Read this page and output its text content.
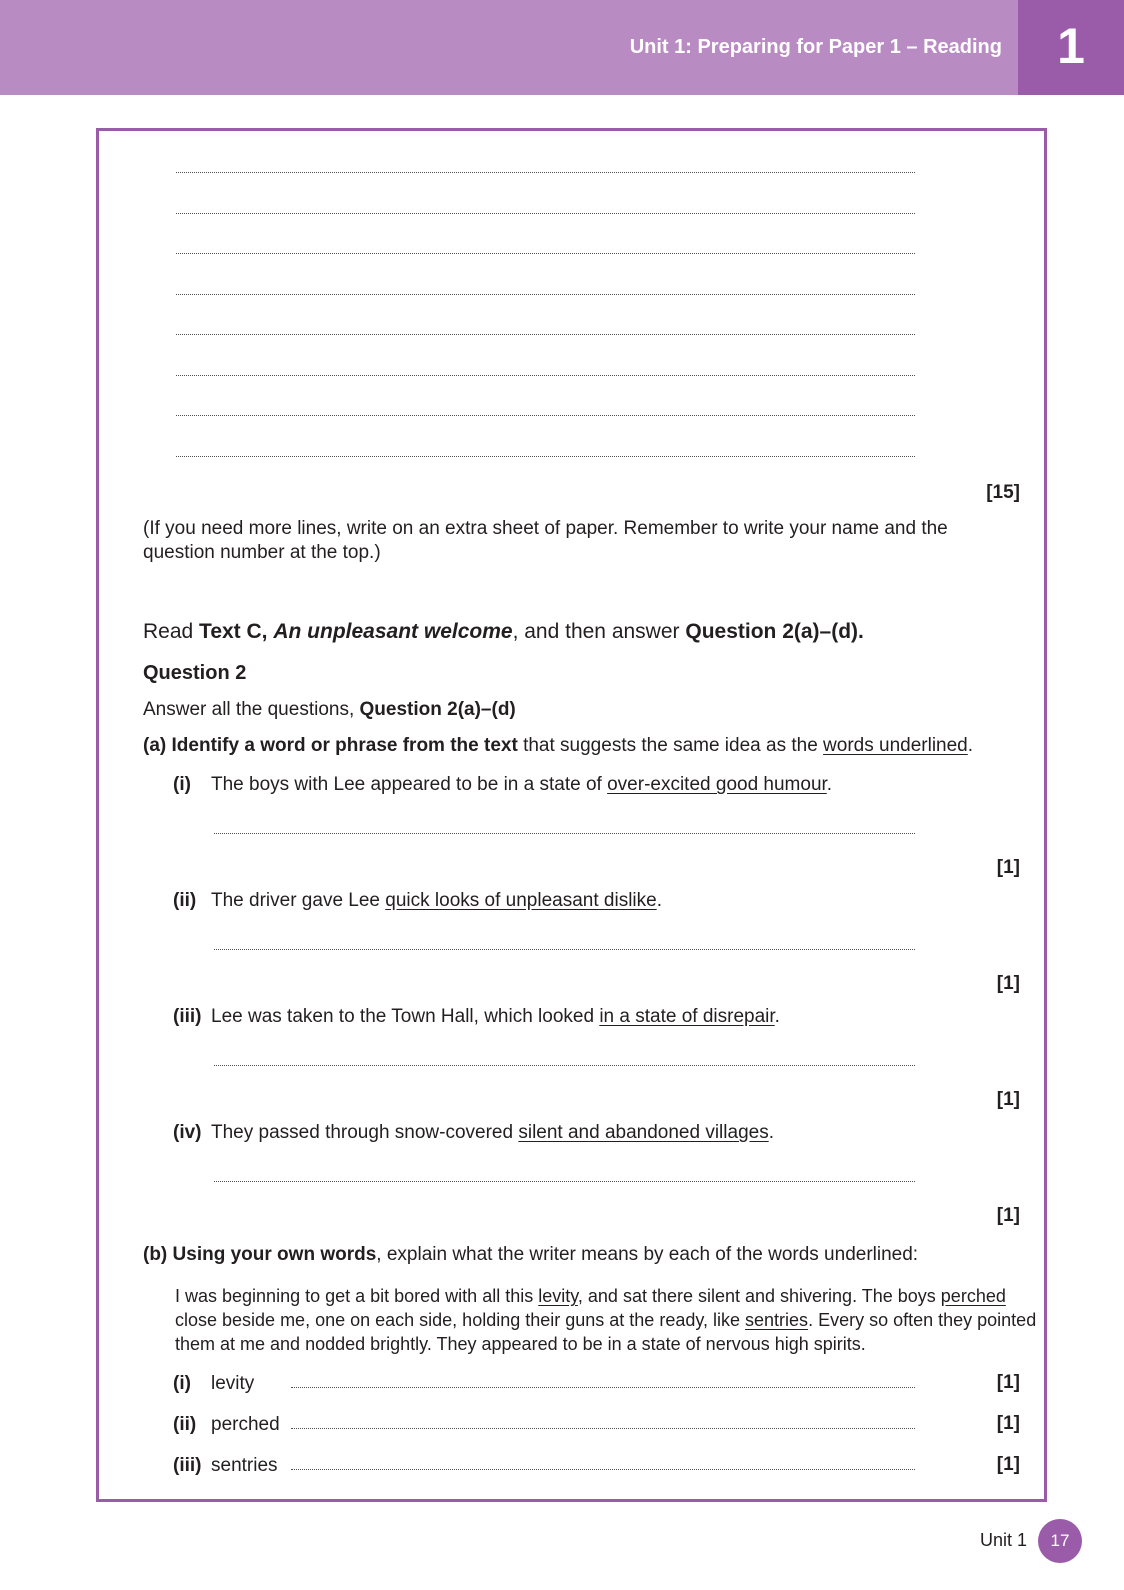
Unit 1: Preparing for Paper 1 – Reading	1
[15]
(If you need more lines, write on an extra sheet of paper. Remember to write your name and the
question number at the top.)
Read Text C, An unpleasant welcome, and then answer Question 2(a)–(d).
Question 2
Answer all the questions, Question 2(a)–(d)
(a) Identify a word or phrase from the text that suggests the same idea as the words underlined.
(i) The boys with Lee appeared to be in a state of over-excited good humour.
[1]
(ii) The driver gave Lee quick looks of unpleasant dislike.
[1]
(iii) Lee was taken to the Town Hall, which looked in a state of disrepair.
[1]
(iv) They passed through snow-covered silent and abandoned villages.
[1]
(b) Using your own words, explain what the writer means by each of the words underlined:
I was beginning to get a bit bored with all this levity, and sat there silent and shivering. The boys perched
close beside me, one on each side, holding their guns at the ready, like sentries. Every so often they pointed
them at me and nodded brightly. They appeared to be in a state of nervous high spirits.
(i) levity	[1]
(ii) perched	[1]
(iii) sentries	[1]
Unit 1	17
